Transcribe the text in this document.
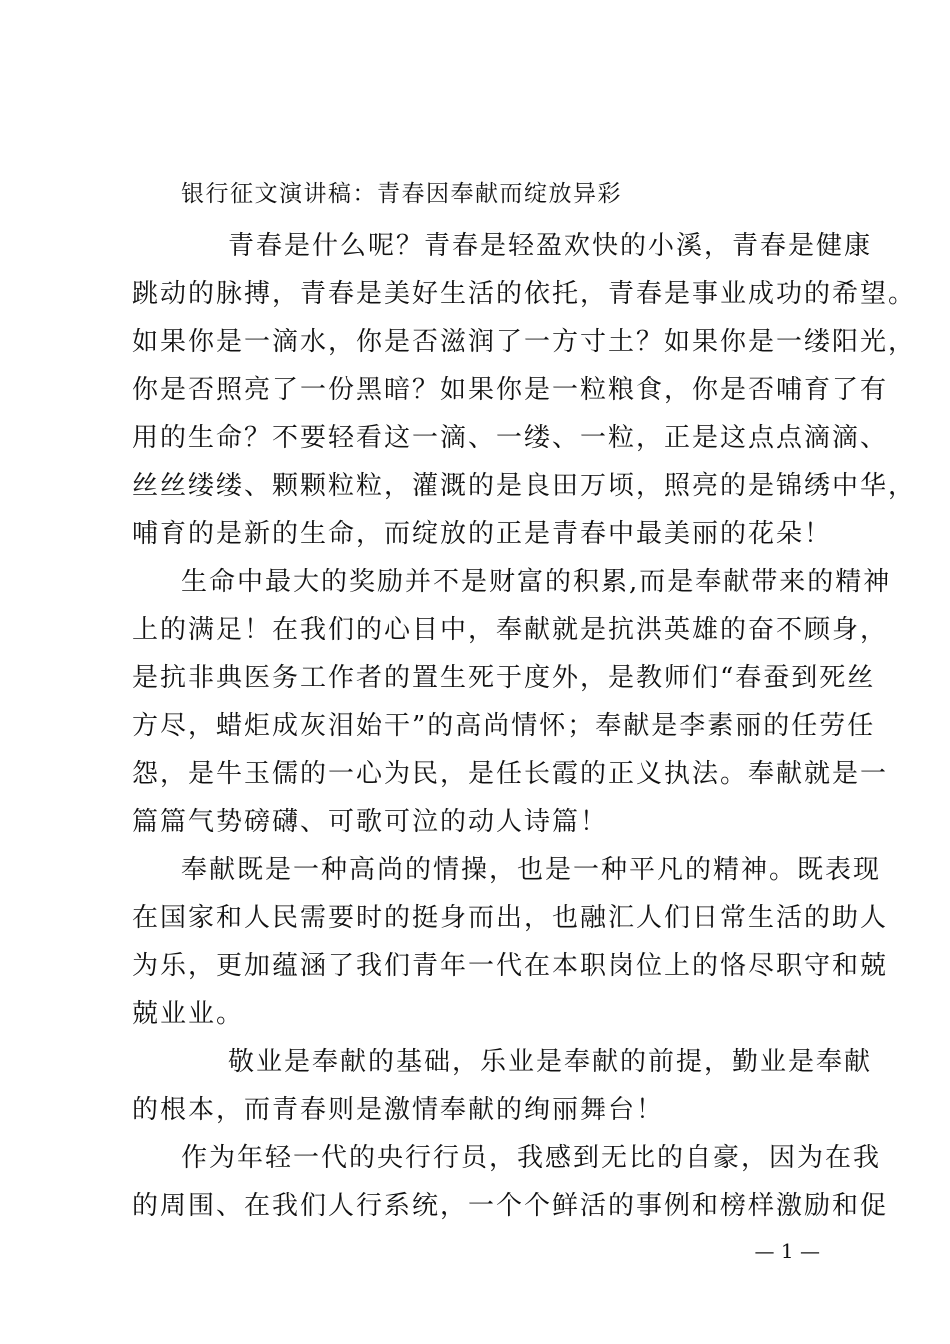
银行征文演讲稿：青春因奉献而绽放异彩
青春是什么呢？青春是轻盈欢快的小溪，青春是健康
跳动的脉搏，青春是美好生活的依托，青春是事业成功的希望。
如果你是一滴水，你是否滋润了一方寸土？如果你是一缕阳光，
你是否照亮了一份黑暗？如果你是一粒粮食，你是否哺育了有
用的生命？不要轻看这一滴、一缕、一粒，正是这点点滴滴、
丝丝缕缕、颗颗粒粒，灌溉的是良田万顷，照亮的是锦绣中华，
哺育的是新的生命，而绽放的正是青春中最美丽的花朵！
生命中最大的奖励并不是财富的积累,而是奉献带来的精神
上的满足！在我们的心目中，奉献就是抗洪英雄的奋不顾身，
是抗非典医务工作者的置生死于度外，是教师们“春蚕到死丝
方尽，蜡炬成灰泪始干”的高尚情怀；奉献是李素丽的任劳任
怨，是牛玉儒的一心为民，是任长霞的正义执法。奉献就是一
篇篇气势磅礴、可歌可泣的动人诗篇！
奉献既是一种高尚的情操，也是一种平凡的精神。既表现
在国家和人民需要时的挺身而出，也融汇人们日常生活的助人
为乐，更加蕴涵了我们青年一代在本职岗位上的恪尽职守和兢
兢业业。
敬业是奉献的基础，乐业是奉献的前提，勤业是奉献
的根本，而青春则是激情奉献的绚丽舞台！
作为年轻一代的央行行员，我感到无比的自豪，因为在我
的周围、在我们人行系统，一个个鲜活的事例和榜样激励和促
— 1 —
